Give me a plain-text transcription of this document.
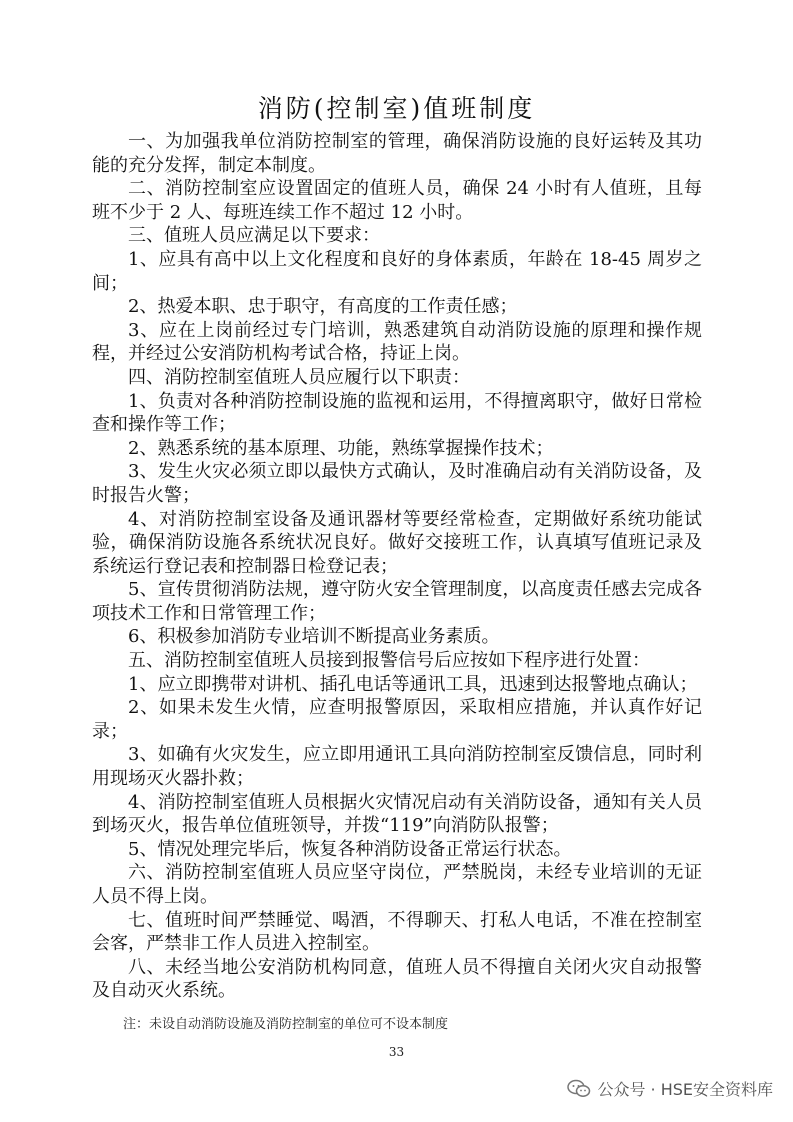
消防(控制室)值班制度

一、为加强我单位消防控制室的管理，确保消防设施的良好运转及其功能的充分发挥，制定本制度。

二、消防控制室应设置固定的值班人员，确保 24 小时有人值班，且每班不少于 2 人、每班连续工作不超过 12 小时。

三、值班人员应满足以下要求：

1、应具有高中以上文化程度和良好的身体素质，年龄在 18-45 周岁之间；

2、热爱本职、忠于职守，有高度的工作责任感；

3、应在上岗前经过专门培训，熟悉建筑自动消防设施的原理和操作规程，并经过公安消防机构考试合格，持证上岗。

四、消防控制室值班人员应履行以下职责：

1、负责对各种消防控制设施的监视和运用，不得擅离职守，做好日常检查和操作等工作；

2、熟悉系统的基本原理、功能，熟练掌握操作技术；

3、发生火灾必须立即以最快方式确认，及时准确启动有关消防设备，及时报告火警；

4、对消防控制室设备及通讯器材等要经常检查，定期做好系统功能试验，确保消防设施各系统状况良好。做好交接班工作，认真填写值班记录及系统运行登记表和控制器日检登记表；

5、宣传贯彻消防法规，遵守防火安全管理制度，以高度责任感去完成各项技术工作和日常管理工作；

6、积极参加消防专业培训不断提高业务素质。

五、消防控制室值班人员接到报警信号后应按如下程序进行处置：

1、应立即携带对讲机、插孔电话等通讯工具，迅速到达报警地点确认；

2、如果未发生火情，应查明报警原因，采取相应措施，并认真作好记录；

3、如确有火灾发生，应立即用通讯工具向消防控制室反馈信息，同时利用现场灭火器扑救；

4、消防控制室值班人员根据火灾情况启动有关消防设备，通知有关人员到场灭火，报告单位值班领导，并拨“119”向消防队报警；

5、情况处理完毕后，恢复各种消防设备正常运行状态。

六、消防控制室值班人员应坚守岗位，严禁脱岗，未经专业培训的无证人员不得上岗。

七、值班时间严禁睡觉、喝酒，不得聊天、打私人电话，不准在控制室会客，严禁非工作人员进入控制室。

八、未经当地公安消防机构同意，值班人员不得擅自关闭火灾自动报警及自动灭火系统。

注：未设自动消防设施及消防控制室的单位可不设本制度
33
公众号 · HSE安全资料库
